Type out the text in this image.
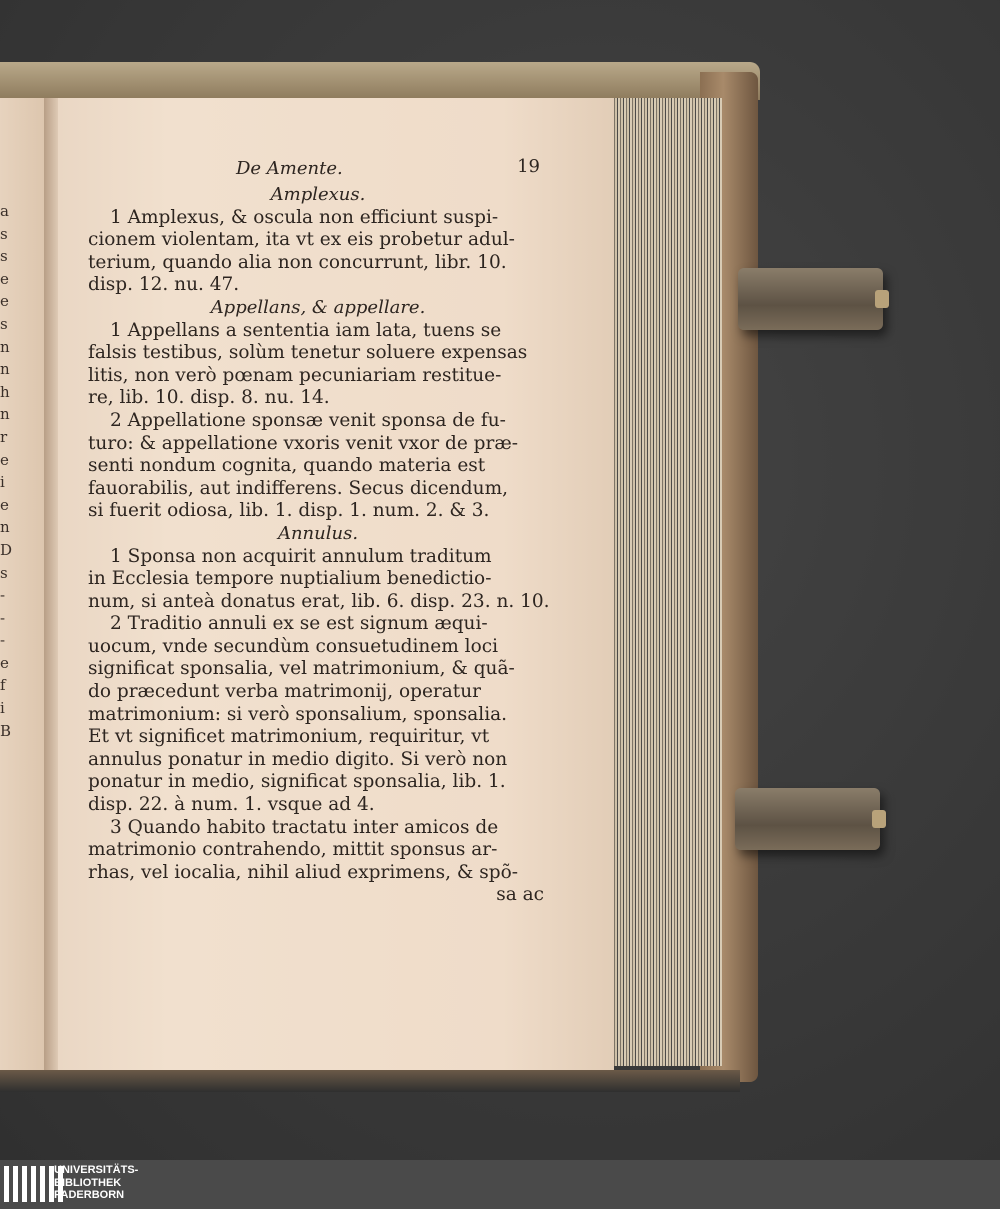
a
s
s
e
e
s
n
n
h
n
r
e
i
e
n
D
s
-
-
-
e
f
i
B
De Amente.	19
Amplexus.
1 Amplexus, & oscula non efficiunt suspi-
cionem violentam, ita vt ex eis probetur adul-
terium, quando alia non concurrunt, libr. 10.
disp. 12. nu. 47.
Appellans, & appellare.
1 Appellans a sententia iam lata, tuens se
falsis testibus, solùm tenetur soluere expensas
litis, non verò pœnam pecuniariam restitue-
re, lib. 10. disp. 8. nu. 14.
2 Appellatione sponsæ venit sponsa de fu-
turo: & appellatione vxoris venit vxor de præ-
senti nondum cognita, quando materia est
fauorabilis, aut indifferens. Secus dicendum,
si fuerit odiosa, lib. 1. disp. 1. num. 2. & 3.
Annulus.
1 Sponsa non acquirit annulum traditum
in Ecclesia tempore nuptialium benedictio-
num, si anteà donatus erat, lib. 6. disp. 23. n. 10.
2 Traditio annuli ex se est signum æqui-
uocum, vnde secundùm consuetudinem loci
significat sponsalia, vel matrimonium, & quã-
do præcedunt verba matrimonij, operatur
matrimonium: si verò sponsalium, sponsalia.
Et vt significet matrimonium, requiritur, vt
annulus ponatur in medio digito. Si verò non
ponatur in medio, significat sponsalia, lib. 1.
disp. 22. à num. 1. vsque ad 4.
3 Quando habito tractatu inter amicos de
matrimonio contrahendo, mittit sponsus ar-
rhas, vel iocalia, nihil aliud exprimens, & spõ-
sa ac
UNIVERSITÄTS-
BIBLIOTHEK
PADERBORN
